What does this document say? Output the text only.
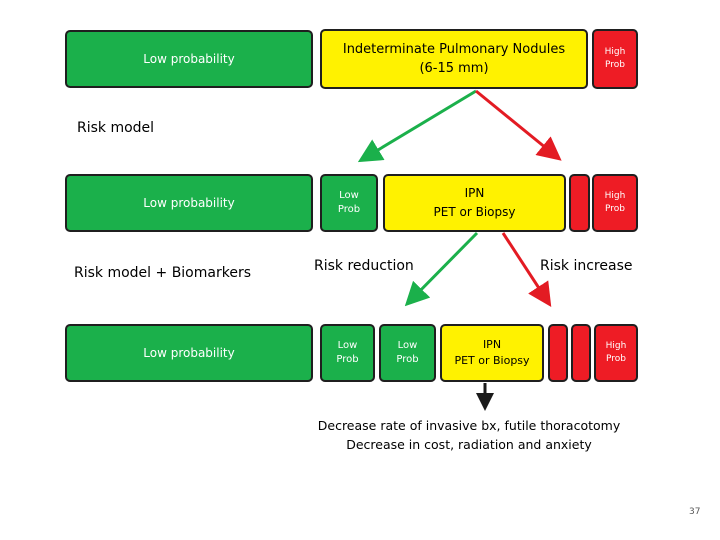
Low probability
Indeterminate Pulmonary Nodules
(6-15 mm)
High
Prob
Risk model
Low probability
Low
Prob
IPN
PET or Biopsy
High
Prob
Risk model + Biomarkers	Risk reduction	Risk increase
Low probability
Low
Prob
Low
Prob
IPN
PET or Biopsy
High
Prob
Decrease rate of invasive bx, futile thoracotomy
Decrease in cost, radiation and anxiety
37
